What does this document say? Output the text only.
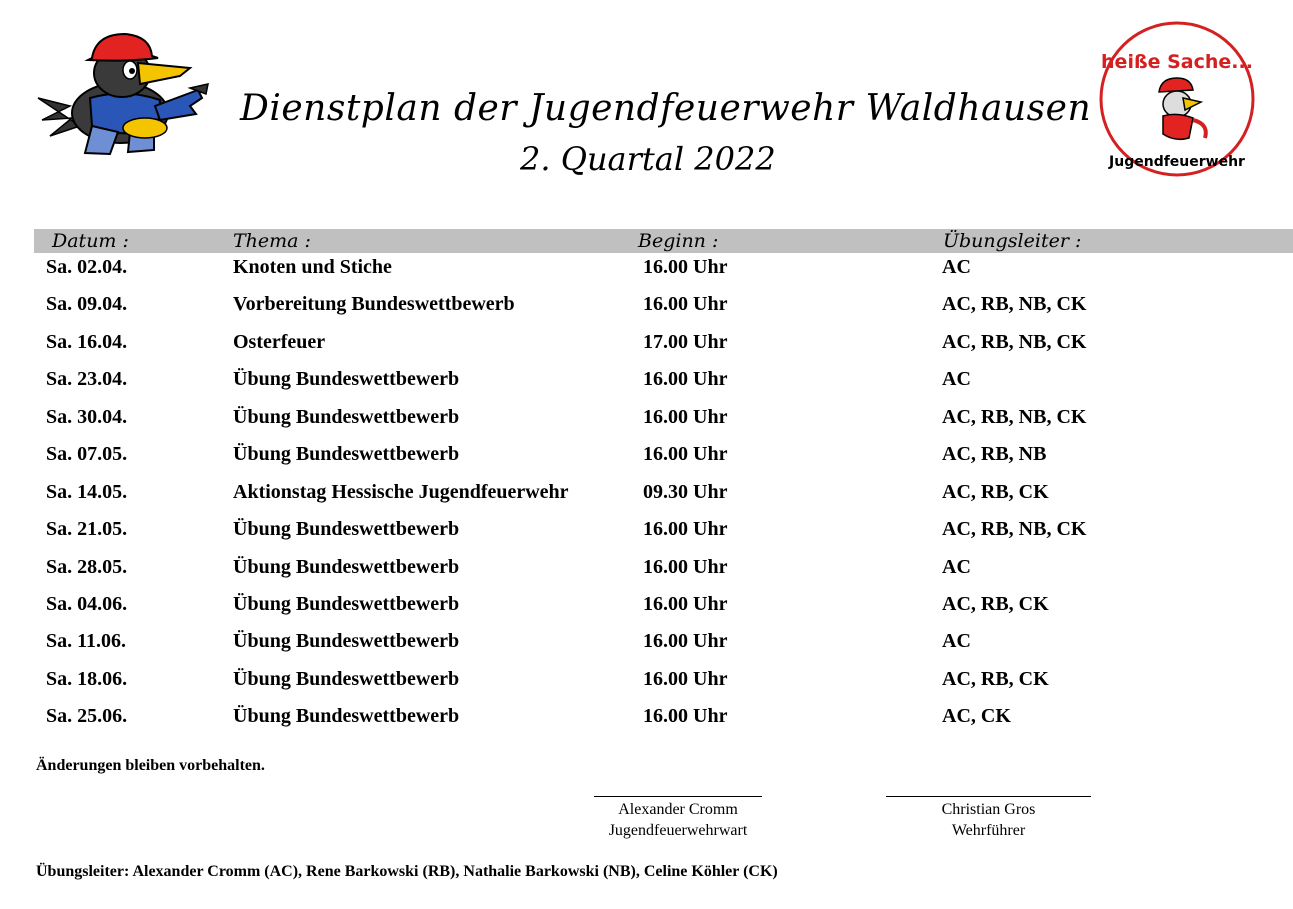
Dienstplan der Jugendfeuerwehr Waldhausen
2. Quartal 2022
heiße Sache...
Jugendfeuerwehr
Datum :	Thema :	Beginn :	Übungsleiter :
Sa. 02.04.	Knoten und Stiche	16.00 Uhr	AC
Sa. 09.04.	Vorbereitung Bundeswettbewerb	16.00 Uhr	AC, RB, NB, CK
Sa. 16.04.	Osterfeuer	17.00 Uhr	AC, RB, NB, CK
Sa. 23.04.	Übung Bundeswettbewerb	16.00 Uhr	AC
Sa. 30.04.	Übung Bundeswettbewerb	16.00 Uhr	AC, RB, NB, CK
Sa. 07.05.	Übung Bundeswettbewerb	16.00 Uhr	AC, RB, NB
Sa. 14.05.	Aktionstag Hessische Jugendfeuerwehr	09.30 Uhr	AC, RB, CK
Sa. 21.05.	Übung Bundeswettbewerb	16.00 Uhr	AC, RB, NB, CK
Sa. 28.05.	Übung Bundeswettbewerb	16.00 Uhr	AC
Sa. 04.06.	Übung Bundeswettbewerb	16.00 Uhr	AC, RB, CK
Sa. 11.06.	Übung Bundeswettbewerb	16.00 Uhr	AC
Sa. 18.06.	Übung Bundeswettbewerb	16.00 Uhr	AC, RB, CK
Sa. 25.06.	Übung Bundeswettbewerb	16.00 Uhr	AC, CK
Änderungen bleiben vorbehalten.
Alexander Cromm
Jugendfeuerwehrwart
Christian Gros
Wehrführer
Übungsleiter: Alexander Cromm (AC), Rene Barkowski (RB), Nathalie Barkowski (NB), Celine Köhler (CK)
